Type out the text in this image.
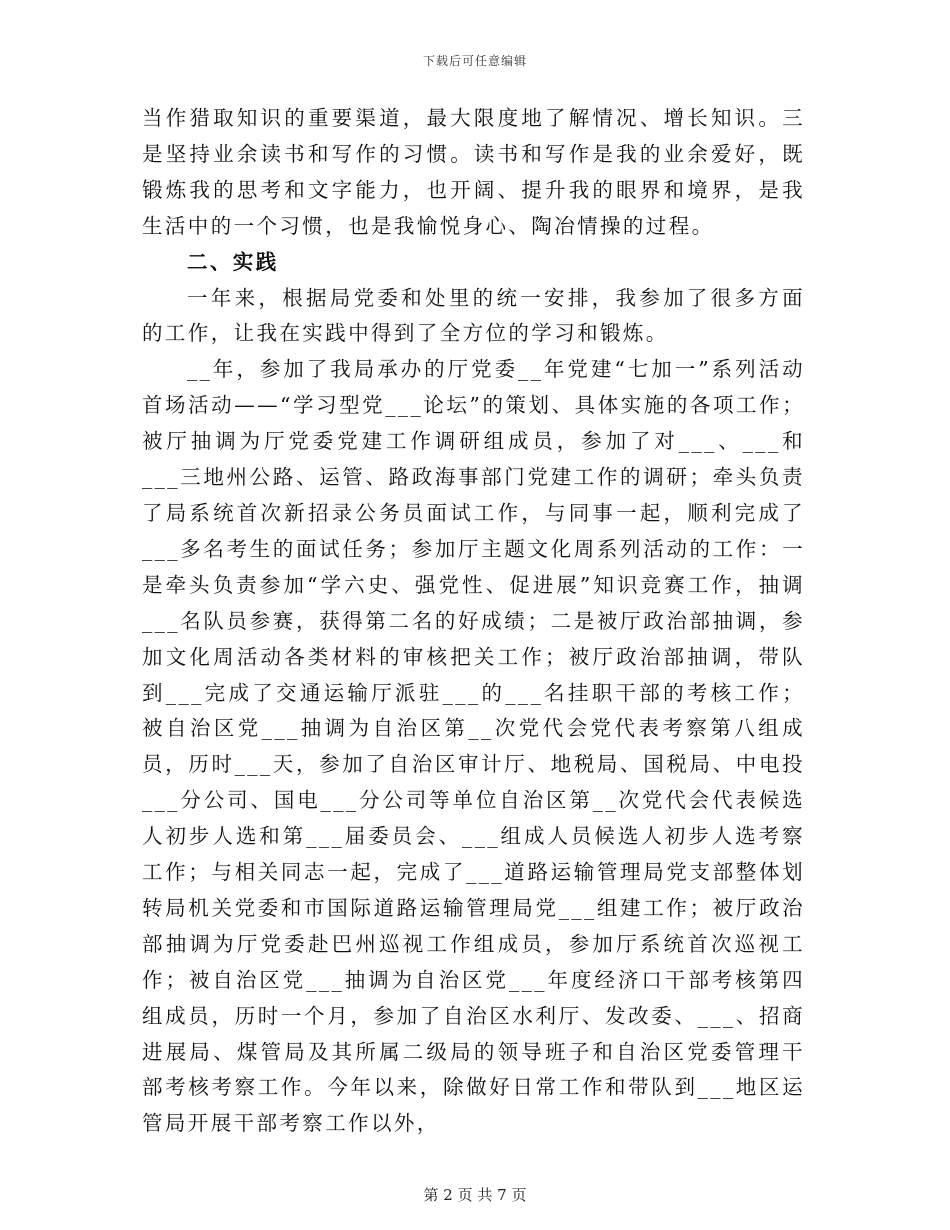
下载后可任意编辑

当作猎取知识的重要渠道，最大限度地了解情况、增长知识。三是坚持业余读书和写作的习惯。读书和写作是我的业余爱好，既锻炼我的思考和文字能力，也开阔、提升我的眼界和境界，是我生活中的一个习惯，也是我愉悦身心、陶冶情操的过程。

二、实践

一年来，根据局党委和处里的统一安排，我参加了很多方面的工作，让我在实践中得到了全方位的学习和锻炼。

__年，参加了我局承办的厅党委__年党建“七加一”系列活动首场活动——“学习型党___论坛”的策划、具体实施的各项工作；被厅抽调为厅党委党建工作调研组成员，参加了对___、___和___三地州公路、运管、路政海事部门党建工作的调研；牵头负责了局系统首次新招录公务员面试工作，与同事一起，顺利完成了___多名考生的面试任务；参加厅主题文化周系列活动的工作：一是牵头负责参加“学六史、强党性、促进展”知识竞赛工作，抽调___名队员参赛，获得第二名的好成绩；二是被厅政治部抽调，参加文化周活动各类材料的审核把关工作；被厅政治部抽调，带队到___完成了交通运输厅派驻___的___名挂职干部的考核工作；被自治区党___抽调为自治区第__次党代会党代表考察第八组成员，历时___天，参加了自治区审计厅、地税局、国税局、中电投___分公司、国电___分公司等单位自治区第__次党代会代表候选人初步人选和第___届委员会、___组成人员候选人初步人选考察工作；与相关同志一起，完成了___道路运输管理局党支部整体划转局机关党委和市国际道路运输管理局党___组建工作；被厅政治部抽调为厅党委赴巴州巡视工作组成员，参加厅系统首次巡视工作；被自治区党___抽调为自治区党___年度经济口干部考核第四组成员，历时一个月，参加了自治区水利厅、发改委、___、招商进展局、煤管局及其所属二级局的领导班子和自治区党委管理干部考核考察工作。今年以来，除做好日常工作和带队到___地区运管局开展干部考察工作以外，

第 2 页 共 7 页
